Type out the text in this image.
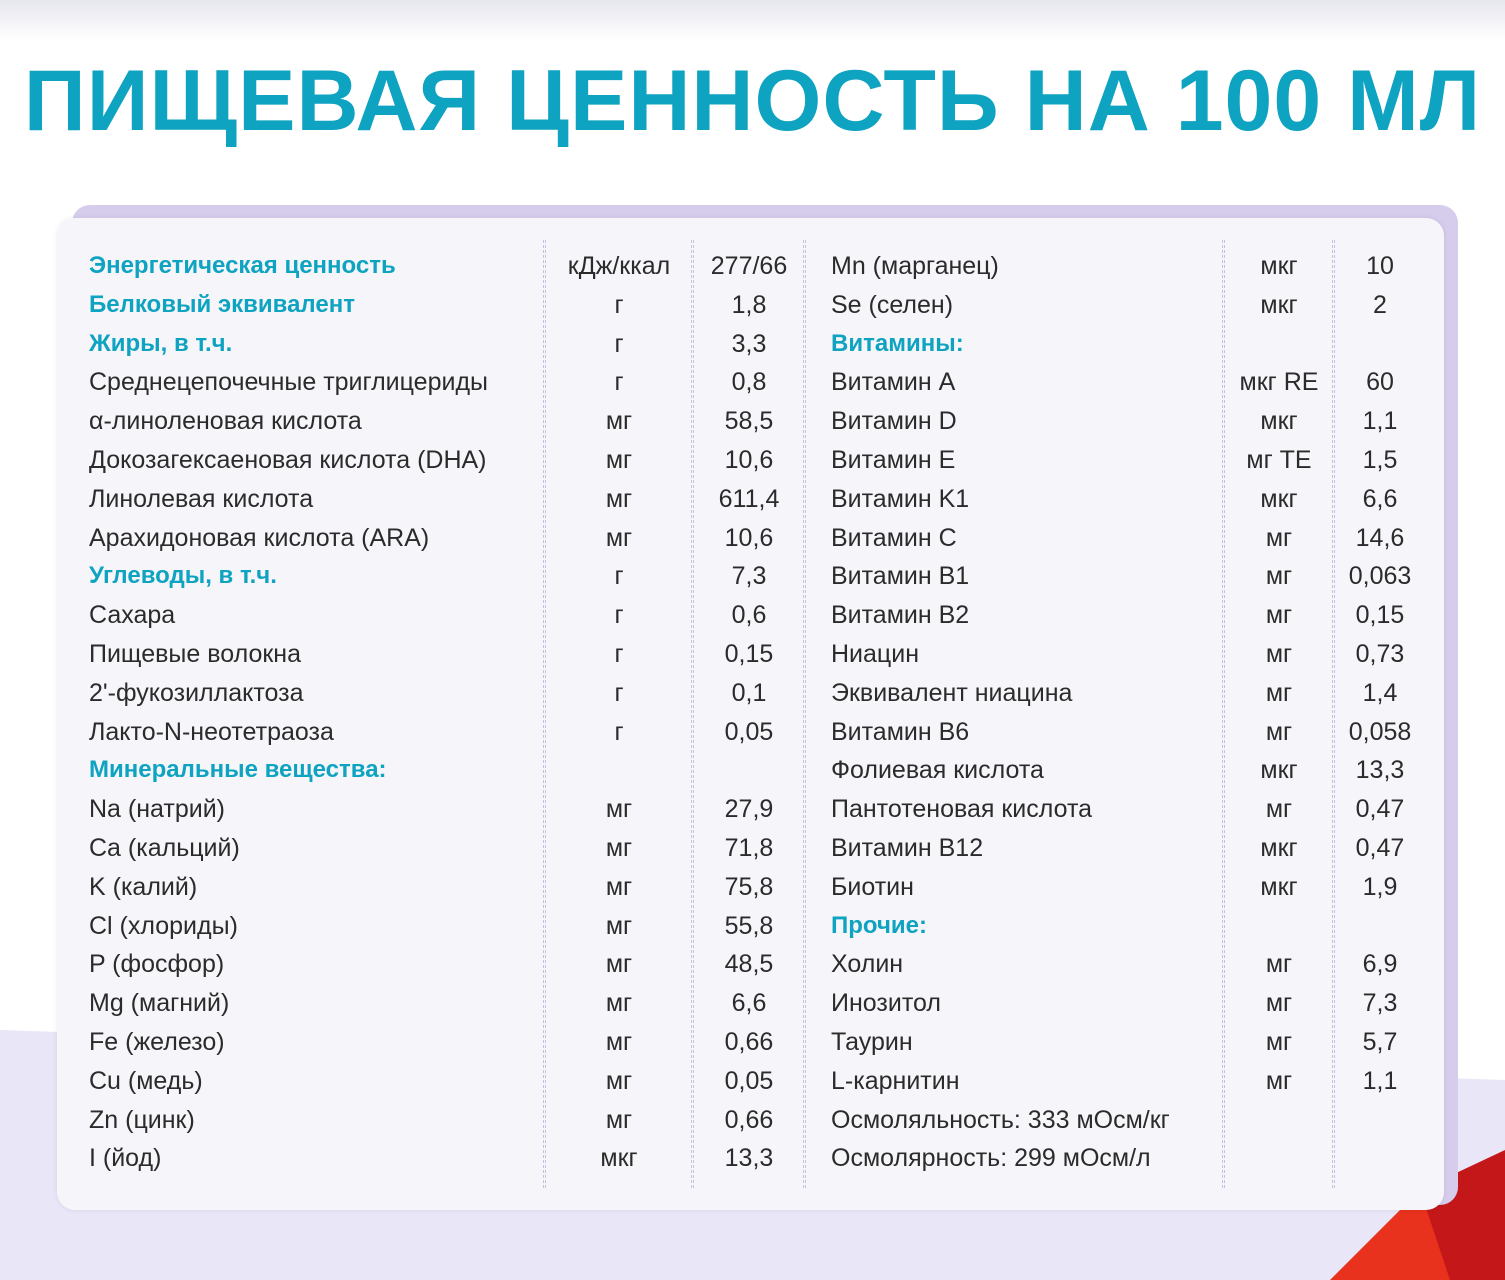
ПИЩЕВАЯ ЦЕННОСТЬ НА 100 МЛ
Энергетическая ценность
Белковый эквивалент
Жиры, в т.ч.
Среднецепочечные триглицериды
α-линоленовая кислота
Докозагексаеновая кислота (DHA)
Линолевая кислота
Арахидоновая кислота (ARA)
Углеводы, в т.ч.
Сахара
Пищевые волокна
2'-фукозиллактоза
Лакто-N-неотетраоза
Минеральные вещества:
Na (натрий)
Ca (кальций)
K (калий)
Cl (хлориды)
P (фосфор)
Mg (магний)
Fe (железо)
Cu (медь)
Zn (цинк)
I (йод)
кДж/ккал
г
г
г
мг
мг
мг
мг
г
г
г
г
г
мг
мг
мг
мг
мг
мг
мг
мг
мг
мкг
277/66
1,8
3,3
0,8
58,5
10,6
611,4
10,6
7,3
0,6
0,15
0,1
0,05
27,9
71,8
75,8
55,8
48,5
6,6
0,66
0,05
0,66
13,3
Mn (марганец)
Se (селен)
Витамины:
Витамин A
Витамин D
Витамин E
Витамин K1
Витамин C
Витамин B1
Витамин B2
Ниацин
Эквивалент ниацина
Витамин B6
Фолиевая кислота
Пантотеновая кислота
Витамин B12
Биотин
Прочие:
Холин
Инозитол
Таурин
L-карнитин
Осмоляльность: 333 мОсм/кг
Осмолярность: 299 мОсм/л
мкг
мкг
мкг RE
мкг
мг TE
мкг
мг
мг
мг
мг
мг
мг
мкг
мг
мкг
мкг
мг
мг
мг
мг
10
2
60
1,1
1,5
6,6
14,6
0,063
0,15
0,73
1,4
0,058
13,3
0,47
0,47
1,9
6,9
7,3
5,7
1,1
